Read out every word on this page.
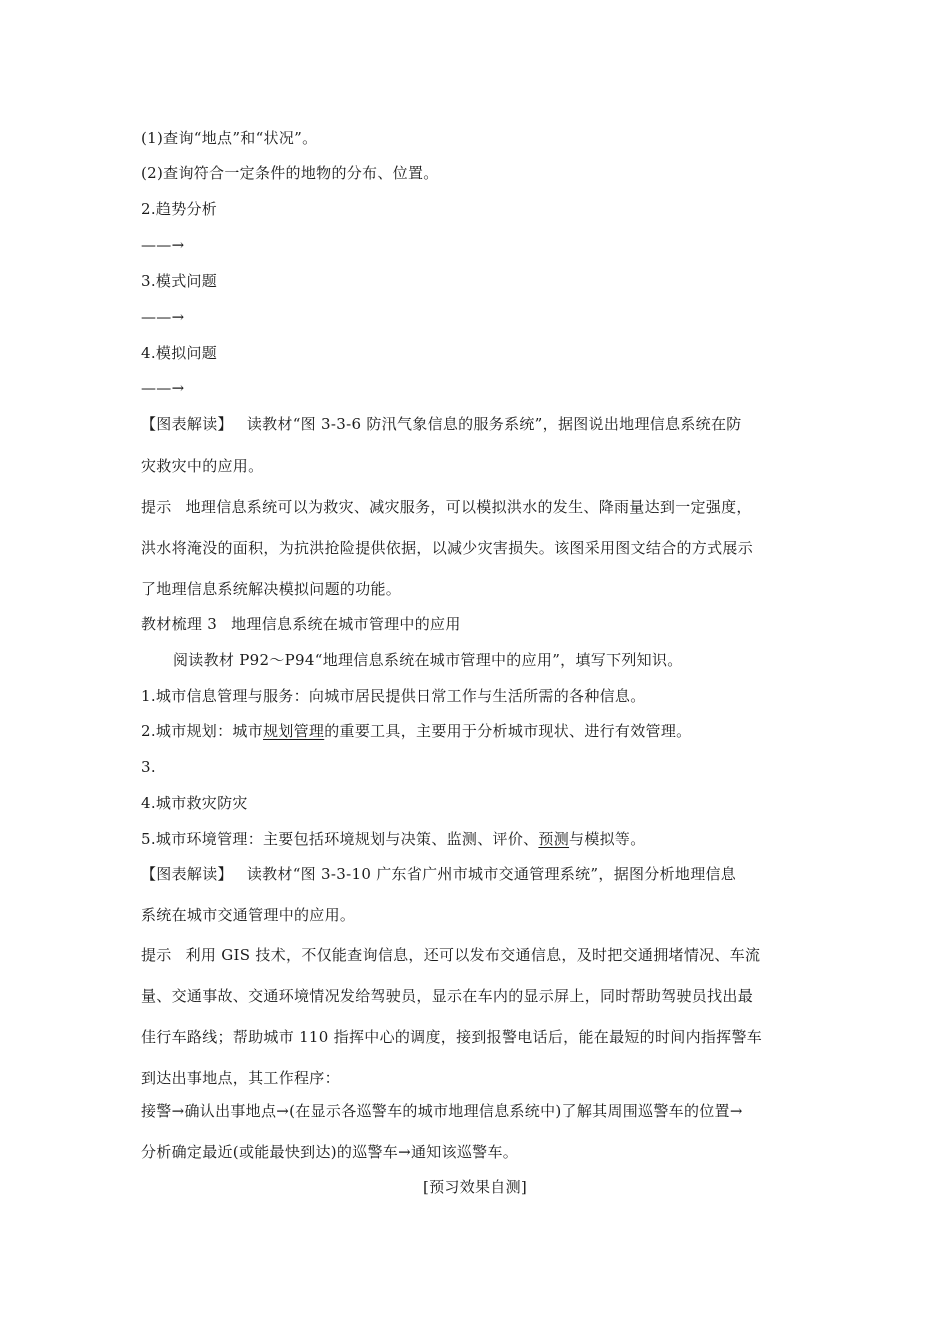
(1)查询“地点”和“状况”。
(2)查询符合一定条件的地物的分布、位置。
2.趋势分析
——→
3.模式问题
——→
4.模拟问题
——→
【图表解读】 读教材“图 3-3-6 防汛气象信息的服务系统”，据图说出地理信息系统在防
灾救灾中的应用。
提示 地理信息系统可以为救灾、减灾服务，可以模拟洪水的发生、降雨量达到一定强度，
洪水将淹没的面积，为抗洪抢险提供依据，以减少灾害损失。该图采用图文结合的方式展示
了地理信息系统解决模拟问题的功能。
教材梳理 3 地理信息系统在城市管理中的应用
阅读教材 P92～P94“地理信息系统在城市管理中的应用”，填写下列知识。
1.城市信息管理与服务：向城市居民提供日常工作与生活所需的各种信息。
2.城市规划：城市规划管理的重要工具，主要用于分析城市现状、进行有效管理。
3.
4.城市救灾防灾
5.城市环境管理：主要包括环境规划与决策、监测、评价、预测与模拟等。
【图表解读】 读教材“图 3-3-10 广东省广州市城市交通管理系统”，据图分析地理信息
系统在城市交通管理中的应用。
提示 利用 GIS 技术，不仅能查询信息，还可以发布交通信息，及时把交通拥堵情况、车流
量、交通事故、交通环境情况发给驾驶员，显示在车内的显示屏上，同时帮助驾驶员找出最
佳行车路线；帮助城市 110 指挥中心的调度，接到报警电话后，能在最短的时间内指挥警车
到达出事地点，其工作程序：
接警→确认出事地点→(在显示各巡警车的城市地理信息系统中)了解其周围巡警车的位置→
分析确定最近(或能最快到达)的巡警车→通知该巡警车。
[预习效果自测]
